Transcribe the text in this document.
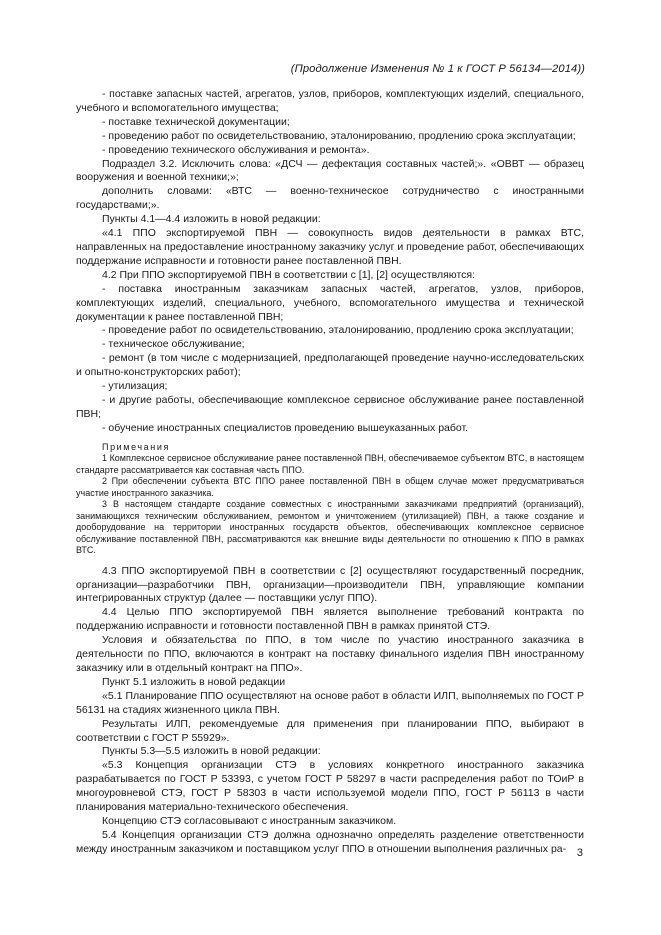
(Продолжение Изменения № 1 к ГОСТ Р 56134—2014))

- поставке запасных частей, агрегатов, узлов, приборов, комплектующих изделий, специального, учебного и вспомогательного имущества;

- поставке технической документации;

- проведению работ по освидетельствованию, эталонированию, продлению срока эксплуатации;

- проведению технического обслуживания и ремонта».

Подраздел 3.2. Исключить слова: «ДСЧ — дефектация составных частей;». «ОВВТ — образец вооружения и военной техники;»;

дополнить словами: «ВТС — военно-техническое сотрудничество с иностранными государствами;».

Пункты 4.1—4.4 изложить в новой редакции:

«4.1 ППО экспортируемой ПВН — совокупность видов деятельности в рамках ВТС, направленных на предоставление иностранному заказчику услуг и проведение работ, обеспечивающих поддержание исправности и готовности ранее поставленной ПВН.

4.2 При ППО экспортируемой ПВН в соответствии с [1], [2] осуществляются:

- поставка иностранным заказчикам запасных частей, агрегатов, узлов, приборов, комплектующих изделий, специального, учебного, вспомогательного имущества и технической документации к ранее поставленной ПВН;

- проведение работ по освидетельствованию, эталонированию, продлению срока эксплуатации;

- техническое обслуживание;

- ремонт (в том числе с модернизацией, предполагающей проведение научно-исследовательских и опытно-конструкторских работ);

- утилизация;

- и другие работы, обеспечивающие комплексное сервисное обслуживание ранее поставленной ПВН;

- обучение иностранных специалистов проведению вышеуказанных работ.

Примечания

1 Комплексное сервисное обслуживание ранее поставленной ПВН, обеспечиваемое субъектом ВТС, в настоящем стандарте рассматривается как составная часть ППО.

2 При обеспечении субъекта ВТС ППО ранее поставленной ПВН в общем случае может предусматриваться участие иностранного заказчика.

3 В настоящем стандарте создание совместных с иностранными заказчиками предприятий (организаций), занимающихся техническим обслуживанием, ремонтом и уничтожением (утилизацией) ПВН, а также создание и дооборудование на территории иностранных государств объектов, обеспечивающих комплексное сервисное обслуживание поставленной ПВН, рассматриваются как внешние виды деятельности по отношению к ППО в рамках ВТС.

4.3 ППО экспортируемой ПВН в соответствии с [2] осуществляют государственный посредник, организации—разработчики ПВН, организации—производители ПВН, управляющие компании интегрированных структур (далее — поставщики услуг ППО).

4.4 Целью ППО экспортируемой ПВН является выполнение требований контракта по поддержанию исправности и готовности поставленной ПВН в рамках принятой СТЭ.

Условия и обязательства по ППО, в том числе по участию иностранного заказчика в деятельности по ППО, включаются в контракт на поставку финального изделия ПВН иностранному заказчику или в отдельный контракт на ППО».

Пункт 5.1 изложить в новой редакции

«5.1 Планирование ППО осуществляют на основе работ в области ИЛП, выполняемых по ГОСТ Р 56131 на стадиях жизненного цикла ПВН.

Результаты ИЛП, рекомендуемые для применения при планировании ППО, выбирают в соответствии с ГОСТ Р 55929».

Пункты 5.3—5.5 изложить в новой редакции:

«5.3 Концепция организации СТЭ в условиях конкретного иностранного заказчика разрабатывается по ГОСТ Р 53393, с учетом ГОСТ Р 58297 в части распределения работ по ТОиР в многоуровневой СТЭ, ГОСТ Р 58303 в части используемой модели ППО, ГОСТ Р 56113 в части планирования материально-технического обеспечения.

Концепцию СТЭ согласовывают с иностранным заказчиком.

5.4 Концепция организации СТЭ должна однозначно определять разделение ответственности между иностранным заказчиком и поставщиком услуг ППО в отношении выполнения различных ра- 3
